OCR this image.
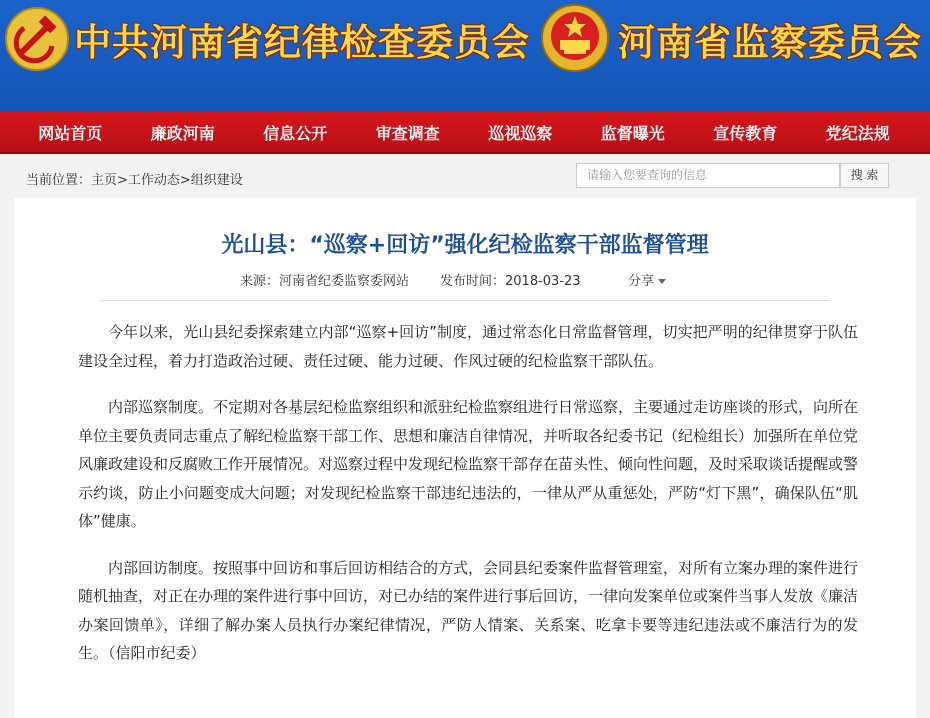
中共河南省纪律检查委员会 河南省监察委员会
网站首页	廉政河南	信息公开	审查调查	巡视巡察	监督曝光	宣传教育	党纪法规
当前位置：主页>工作动态>组织建设	请输入您要查询的信息	搜 索
光山县：“巡察+回访”强化纪检监察干部监督管理
来源：河南省纪委监察委网站 发布时间：2018-03-23	分享

今年以来，光山县纪委探索建立内部“巡察+回访”制度，通过常态化日常监督管理，切实把严明的纪律贯穿于队伍建设全过程，着力打造政治过硬、责任过硬、能力过硬、作风过硬的纪检监察干部队伍。

内部巡察制度。不定期对各基层纪检监察组织和派驻纪检监察组进行日常巡察，主要通过走访座谈的形式，向所在单位主要负责同志重点了解纪检监察干部工作、思想和廉洁自律情况，并听取各纪委书记（纪检组长）加强所在单位党风廉政建设和反腐败工作开展情况。对巡察过程中发现纪检监察干部存在苗头性、倾向性问题，及时采取谈话提醒或警示约谈，防止小问题变成大问题；对发现纪检监察干部违纪违法的，一律从严从重惩处，严防“灯下黑”，确保队伍“肌体”健康。

内部回访制度。按照事中回访和事后回访相结合的方式，会同县纪委案件监督管理室，对所有立案办理的案件进行随机抽查，对正在办理的案件进行事中回访，对已办结的案件进行事后回访，一律向发案单位或案件当事人发放《廉洁办案回馈单》，详细了解办案人员执行办案纪律情况，严防人情案、关系案、吃拿卡要等违纪违法或不廉洁行为的发生。（信阳市纪委）
